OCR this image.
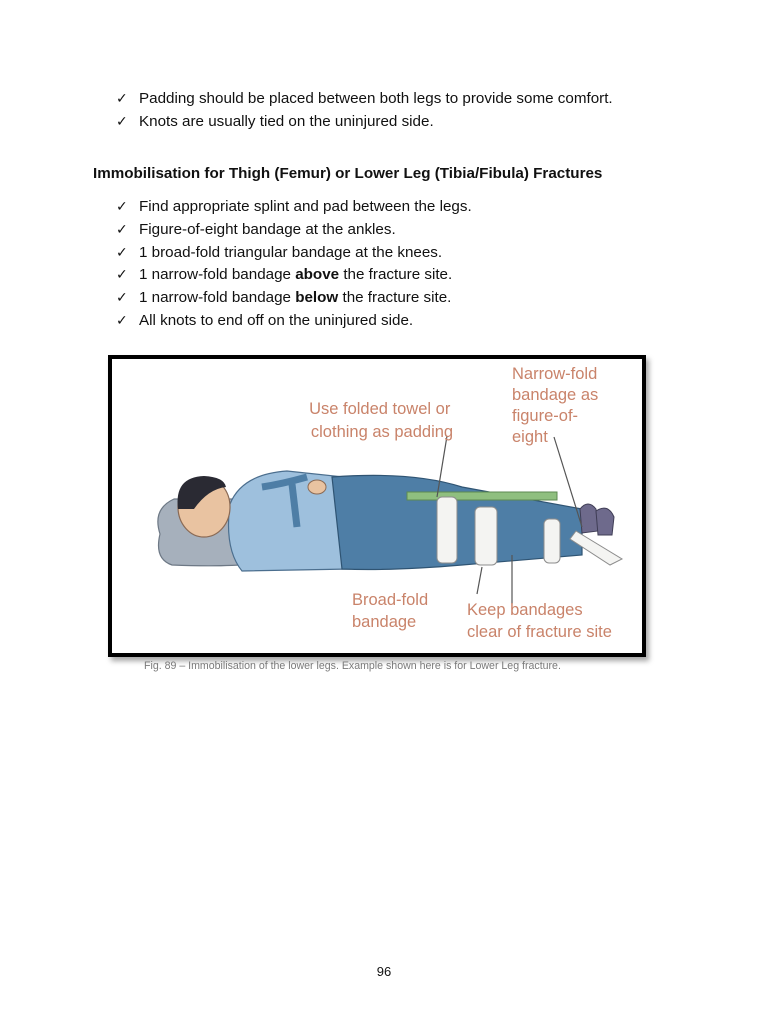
✓ Padding should be placed between both legs to provide some comfort.
✓ Knots are usually tied on the uninjured side.
Immobilisation for Thigh (Femur) or Lower Leg (Tibia/Fibula) Fractures
✓ Find appropriate splint and pad between the legs.
✓ Figure-of-eight bandage at the ankles.
✓ 1 broad-fold triangular bandage at the knees.
✓ 1 narrow-fold bandage above the fracture site.
✓ 1 narrow-fold bandage below the fracture site.
✓ All knots to end off on the uninjured side.
Use folded towel or clothing as padding
Narrow-fold bandage as figure-of- eight
Broad-fold bandage
Keep bandages clear of fracture site
Fig. 89 – Immobilisation of the lower legs. Example shown here is for Lower Leg fracture.
96
